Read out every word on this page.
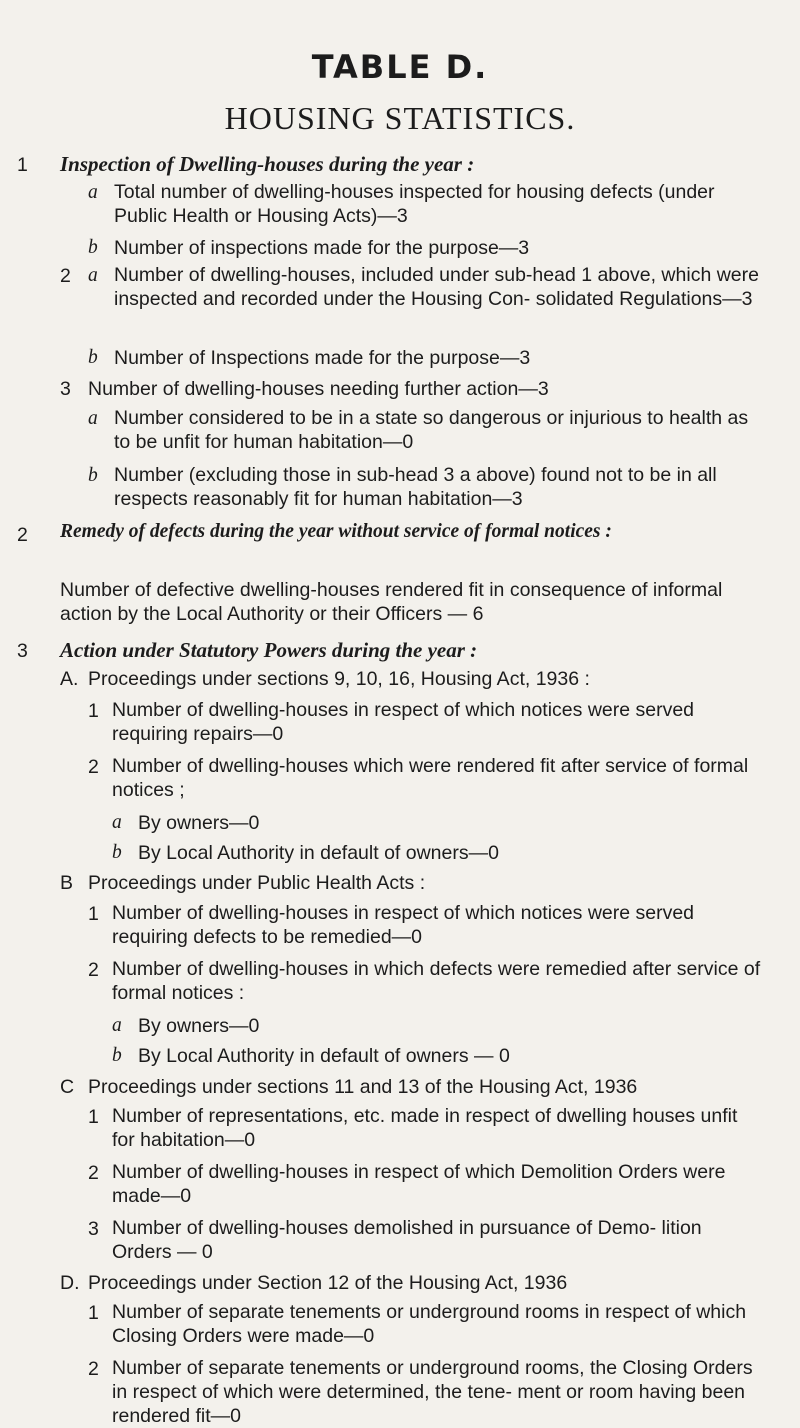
TABLE D.
HOUSING STATISTICS.
1 Inspection of Dwelling-houses during the year :
a Total number of dwelling-houses inspected for housing defects (under Public Health or Housing Acts)—3
b Number of inspections made for the purpose—3
2 a Number of dwelling-houses, included under sub-head 1 above, which were inspected and recorded under the Housing Con- solidated Regulations—3
b Number of Inspections made for the purpose—3
3 Number of dwelling-houses needing further action—3
a Number considered to be in a state so dangerous or injurious to health as to be unfit for human habitation—0
b Number (excluding those in sub-head 3 a above) found not to be in all respects reasonably fit for human habitation—3
2 Remedy of defects during the year without service of formal notices :
Number of defective dwelling-houses rendered fit in consequence of informal action by the Local Authority or their Officers — 6
3 Action under Statutory Powers during the year :
A. Proceedings under sections 9, 10, 16, Housing Act, 1936 :
1 Number of dwelling-houses in respect of which notices were served requiring repairs—0
2 Number of dwelling-houses which were rendered fit after service of formal notices ;
a By owners—0
b By Local Authority in default of owners—0
B Proceedings under Public Health Acts :
1 Number of dwelling-houses in respect of which notices were served requiring defects to be remedied—0
2 Number of dwelling-houses in which defects were remedied after service of formal notices :
a By owners—0
b By Local Authority in default of owners — 0
C Proceedings under sections 11 and 13 of the Housing Act, 1936
1 Number of representations, etc. made in respect of dwelling houses unfit for habitation—0
2 Number of dwelling-houses in respect of which Demolition Orders were made—0
3 Number of dwelling-houses demolished in pursuance of Demo- lition Orders — 0
D. Proceedings under Section 12 of the Housing Act, 1936
1 Number of separate tenements or underground rooms in respect of which Closing Orders were made—0
2 Number of separate tenements or underground rooms, the Closing Orders in respect of which were determined, the tene- ment or room having been rendered fit—0
